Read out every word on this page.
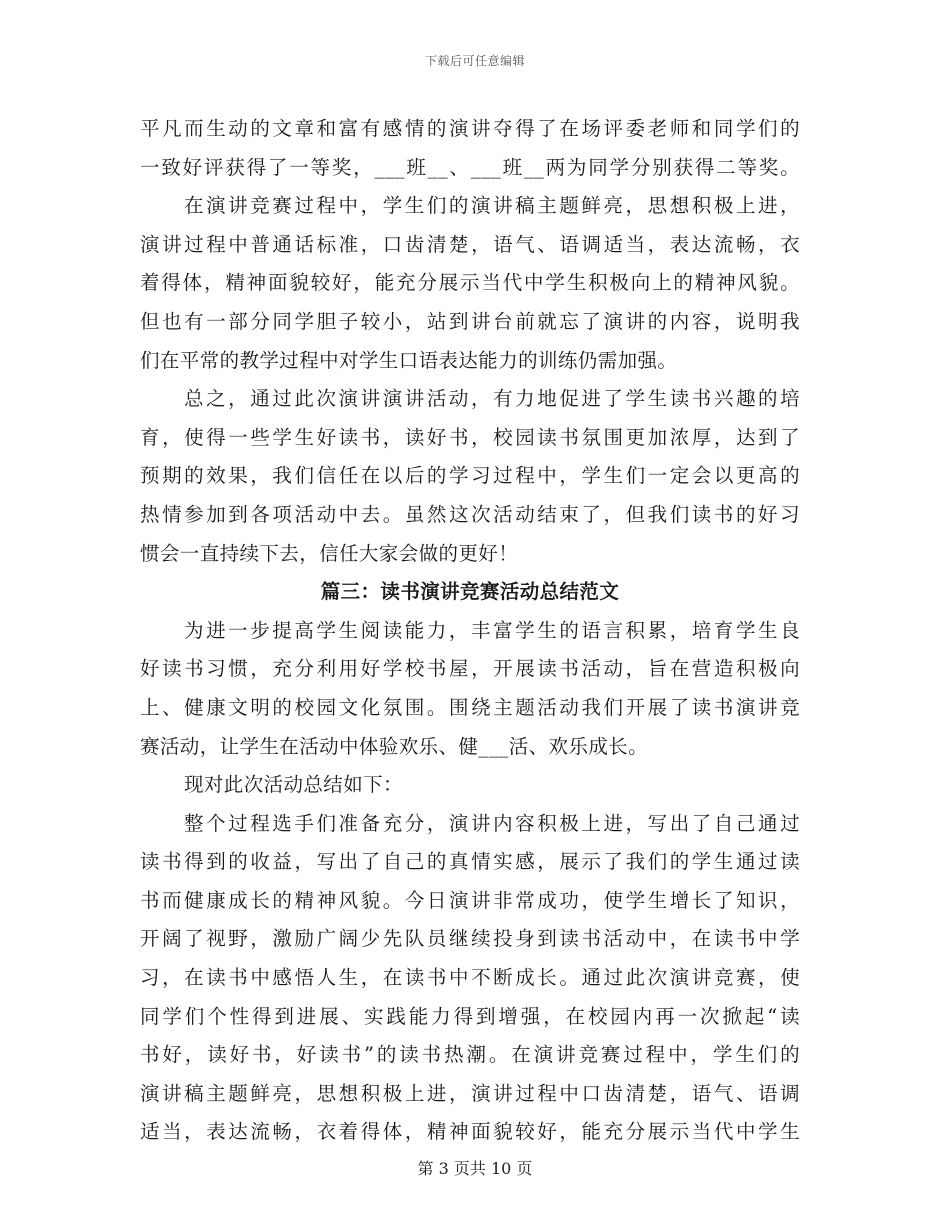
下载后可任意编辑
平凡而生动的文章和富有感情的演讲夺得了在场评委老师和同学们的
一致好评获得了一等奖，___班__、___班__两为同学分别获得二等奖。
在演讲竞赛过程中，学生们的演讲稿主题鲜亮，思想积极上进，
演讲过程中普通话标准，口齿清楚，语气、语调适当，表达流畅，衣
着得体，精神面貌较好，能充分展示当代中学生积极向上的精神风貌。
但也有一部分同学胆子较小，站到讲台前就忘了演讲的内容，说明我
们在平常的教学过程中对学生口语表达能力的训练仍需加强。
总之，通过此次演讲演讲活动，有力地促进了学生读书兴趣的培
育，使得一些学生好读书，读好书，校园读书氛围更加浓厚，达到了
预期的效果，我们信任在以后的学习过程中，学生们一定会以更高的
热情参加到各项活动中去。虽然这次活动结束了，但我们读书的好习
惯会一直持续下去，信任大家会做的更好！
篇三：读书演讲竞赛活动总结范文
为进一步提高学生阅读能力，丰富学生的语言积累，培育学生良
好读书习惯，充分利用好学校书屋，开展读书活动，旨在营造积极向
上、健康文明的校园文化氛围。围绕主题活动我们开展了读书演讲竞
赛活动，让学生在活动中体验欢乐、健___活、欢乐成长。
现对此次活动总结如下：
整个过程选手们准备充分，演讲内容积极上进，写出了自己通过
读书得到的收益，写出了自己的真情实感，展示了我们的学生通过读
书而健康成长的精神风貌。今日演讲非常成功，使学生增长了知识，
开阔了视野，激励广阔少先队员继续投身到读书活动中，在读书中学
习，在读书中感悟人生，在读书中不断成长。通过此次演讲竞赛，使
同学们个性得到进展、实践能力得到增强，在校园内再一次掀起“读
书好，读好书，好读书”的读书热潮。在演讲竞赛过程中，学生们的
演讲稿主题鲜亮，思想积极上进，演讲过程中口齿清楚，语气、语调
适当，表达流畅，衣着得体，精神面貌较好，能充分展示当代中学生
第 3 页共 10 页
